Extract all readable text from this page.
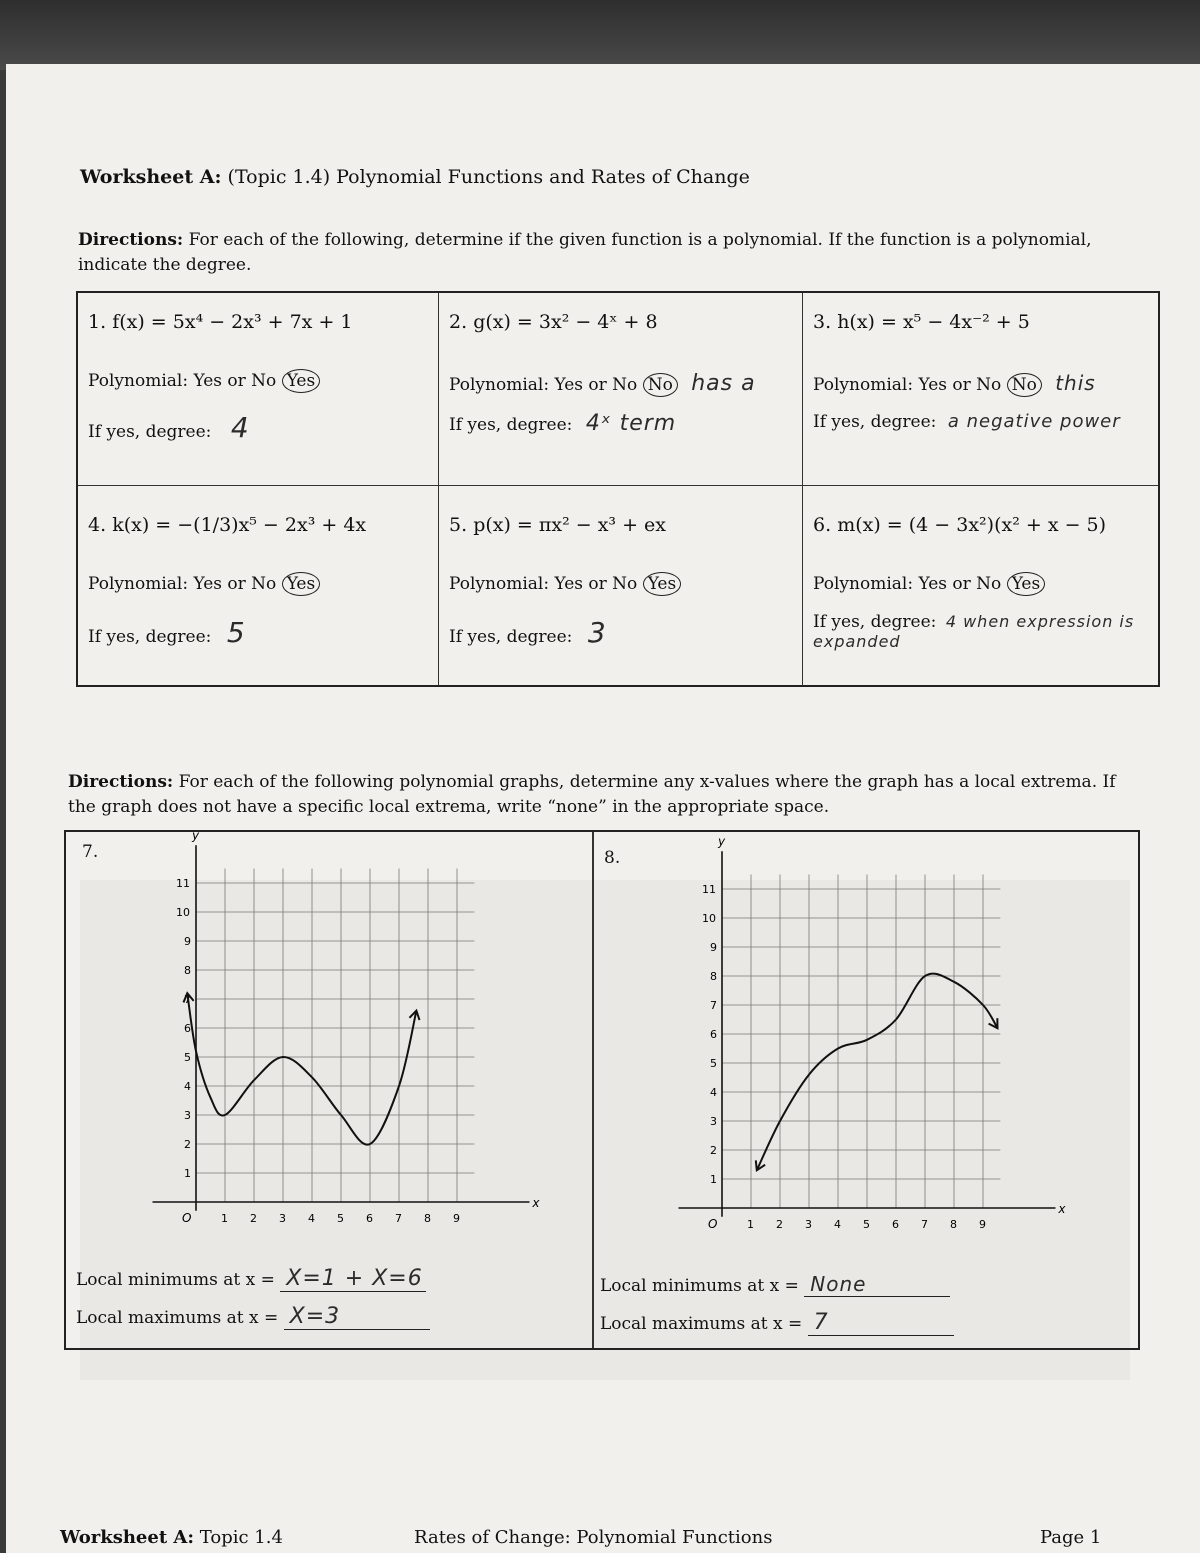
Worksheet A: (Topic 1.4) Polynomial Functions and Rates of Change
Directions: For each of the following, determine if the given function is a polynomial. If the function is a polynomial, indicate the degree.
1. f(x) = 5x⁴ − 2x³ + 7x + 1
Polynomial: Yes or No Yes
If yes, degree: 4
2. g(x) = 3x² − 4ˣ + 8
Polynomial: Yes or No No has a
If yes, degree: 4ˣ term
3. h(x) = x⁵ − 4x⁻² + 5
Polynomial: Yes or No No this
If yes, degree: a negative power
4. k(x) = −(1/3)x⁵ − 2x³ + 4x
Polynomial: Yes or No Yes
If yes, degree: 5
5. p(x) = πx² − x³ + ex
Polynomial: Yes or No Yes
If yes, degree: 3
6. m(x) = (4 − 3x²)(x² + x − 5)
Polynomial: Yes or No Yes
If yes, degree: 4 when expression is expanded
Directions: For each of the following polynomial graphs, determine any x-values where the graph has a local extrema. If the graph does not have a specific local extrema, write “none” in the appropriate space.
7.	8.
1 2 3 4 5 6 7 8 9
1
2
3
4
5
6
7
8
9
10
11
O
x
y
1 2 3 4 5 6 7 8 9
1
2
3
4
5
6
7
8
9
10
11
O
x
y
Local minimums at x = X=1 + X=6
Local maximums at x = X=3
Local minimums at x = None
Local maximums at x = 7
Worksheet A: Topic 1.4	Rates of Change: Polynomial Functions	Page 1
